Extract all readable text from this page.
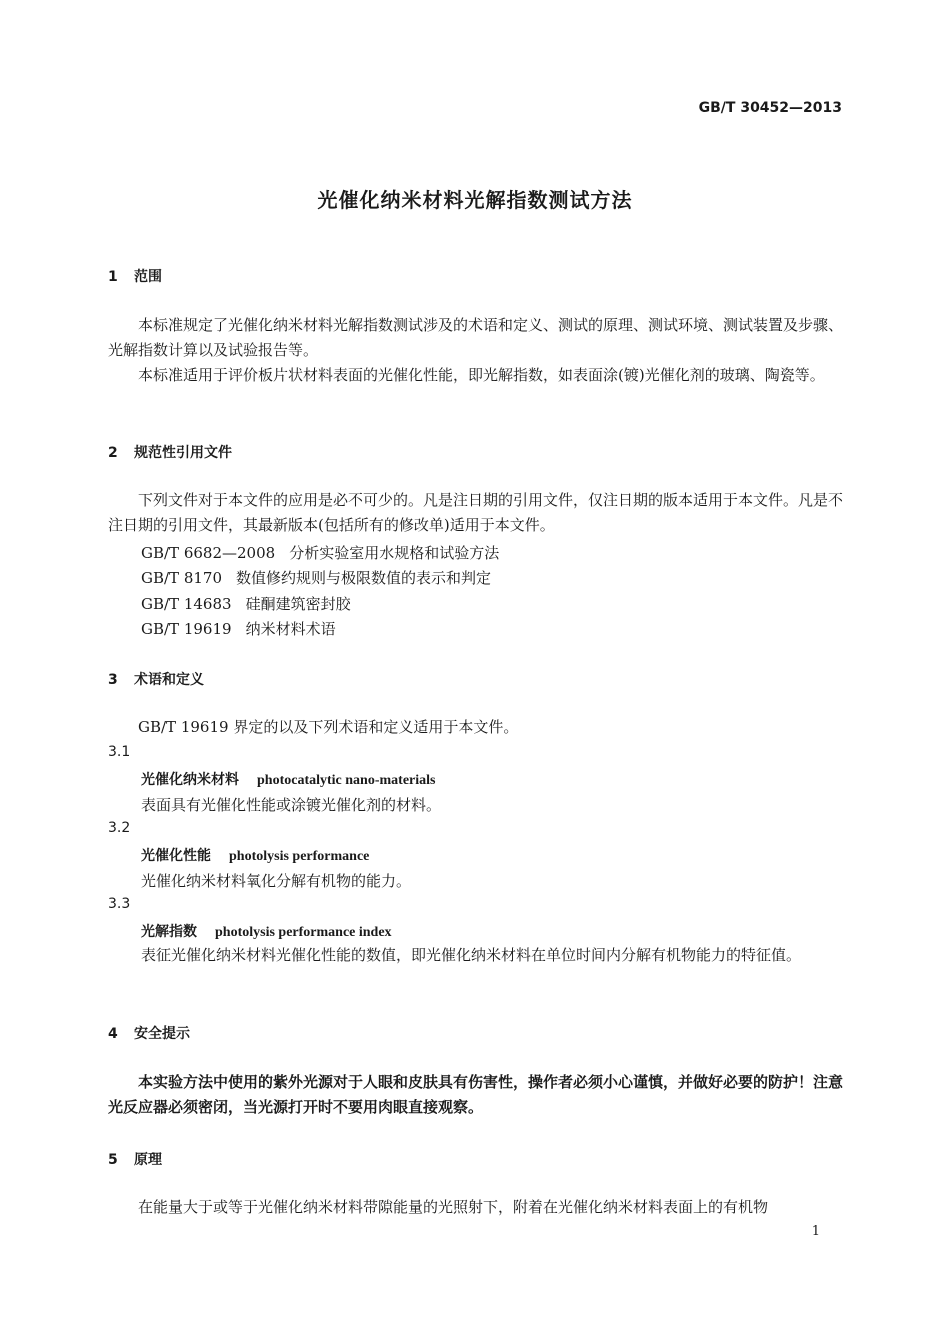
GB/T 30452—2013
光催化纳米材料光解指数测试方法
1 范围
本标准规定了光催化纳米材料光解指数测试涉及的术语和定义、测试的原理、测试环境、测试装置及步骤、光解指数计算以及试验报告等。
本标准适用于评价板片状材料表面的光催化性能，即光解指数，如表面涂(镀)光催化剂的玻璃、陶瓷等。
2 规范性引用文件
下列文件对于本文件的应用是必不可少的。凡是注日期的引用文件，仅注日期的版本适用于本文件。凡是不注日期的引用文件，其最新版本(包括所有的修改单)适用于本文件。
GB/T 6682—2008 分析实验室用水规格和试验方法
GB/T 8170 数值修约规则与极限数值的表示和判定
GB/T 14683 硅酮建筑密封胶
GB/T 19619 纳米材料术语
3 术语和定义
GB/T 19619 界定的以及下列术语和定义适用于本文件。
3.1
光催化纳米材料 photocatalytic nano-materials
表面具有光催化性能或涂镀光催化剂的材料。
3.2
光催化性能 photolysis performance
光催化纳米材料氧化分解有机物的能力。
3.3
光解指数 photolysis performance index
表征光催化纳米材料光催化性能的数值，即光催化纳米材料在单位时间内分解有机物能力的特征值。
4 安全提示
本实验方法中使用的紫外光源对于人眼和皮肤具有伤害性，操作者必须小心谨慎，并做好必要的防护！注意光反应器必须密闭，当光源打开时不要用肉眼直接观察。
5 原理
在能量大于或等于光催化纳米材料带隙能量的光照射下，附着在光催化纳米材料表面上的有机物
1
